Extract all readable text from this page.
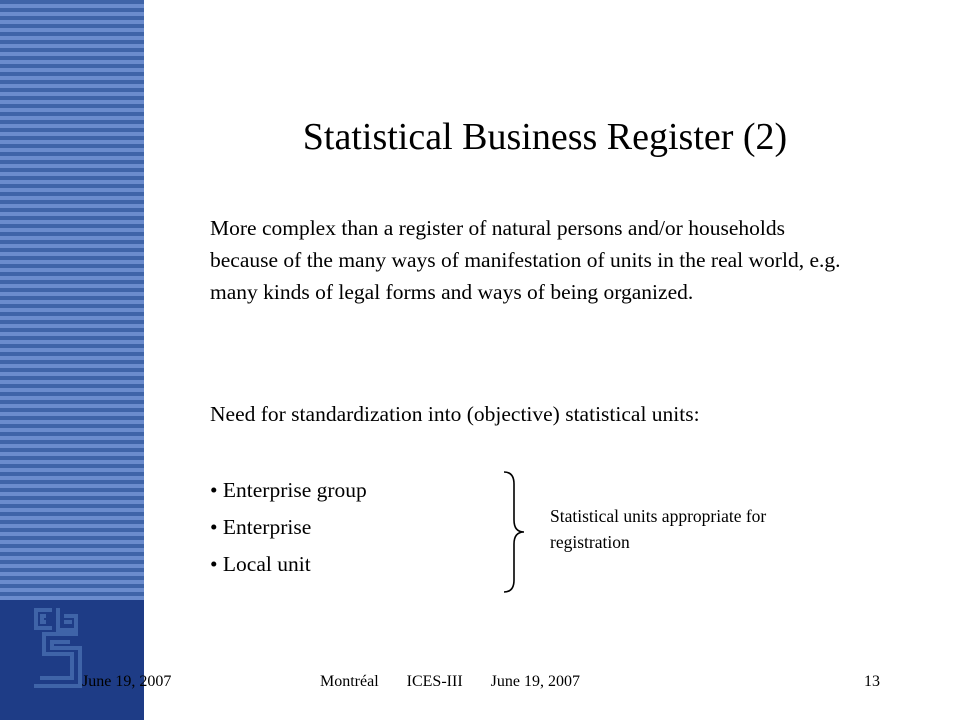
Statistical Business Register (2)
More complex than a register of natural persons and/or households because of the many ways of manifestation of units in the real world, e.g. many kinds of legal forms and ways of being organized.
Need for standardization into (objective) statistical units:
• Enterprise group
• Enterprise
• Local unit
Statistical units appropriate for registration
June 19, 2007	Montréal ICES-III June 19, 2007	13
